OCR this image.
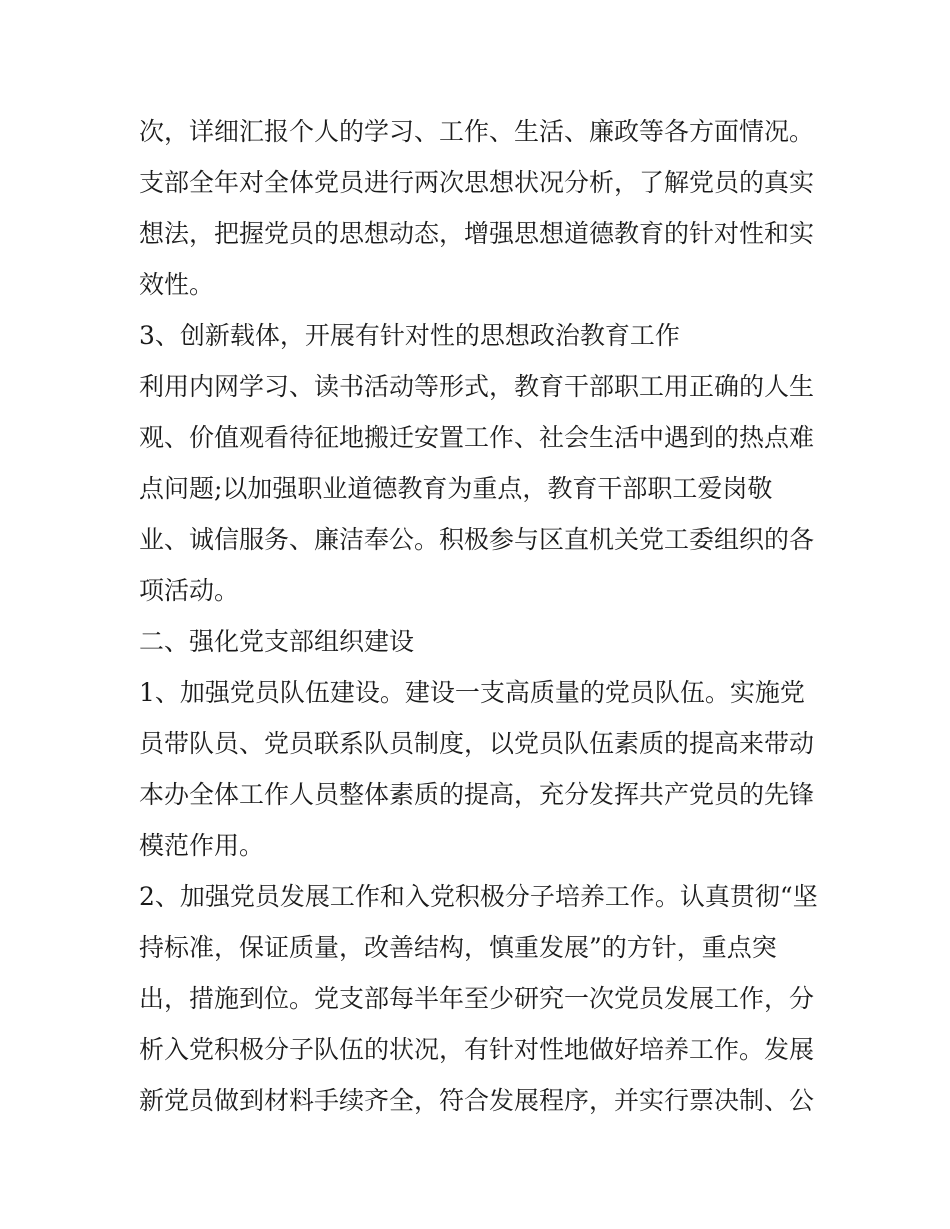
次，详细汇报个人的学习、工作、生活、廉政等各方面情况。
支部全年对全体党员进行两次思想状况分析，了解党员的真实
想法，把握党员的思想动态，增强思想道德教育的针对性和实
效性。
3、创新载体，开展有针对性的思想政治教育工作
利用内网学习、读书活动等形式，教育干部职工用正确的人生
观、价值观看待征地搬迁安置工作、社会生活中遇到的热点难
点问题;以加强职业道德教育为重点，教育干部职工爱岗敬
业、诚信服务、廉洁奉公。积极参与区直机关党工委组织的各
项活动。
二、强化党支部组织建设
1、加强党员队伍建设。建设一支高质量的党员队伍。实施党
员带队员、党员联系队员制度，以党员队伍素质的提高来带动
本办全体工作人员整体素质的提高，充分发挥共产党员的先锋
模范作用。
2、加强党员发展工作和入党积极分子培养工作。认真贯彻“坚
持标准，保证质量，改善结构，慎重发展”的方针，重点突
出，措施到位。党支部每半年至少研究一次党员发展工作，分
析入党积极分子队伍的状况，有针对性地做好培养工作。发展
新党员做到材料手续齐全，符合发展程序，并实行票决制、公
